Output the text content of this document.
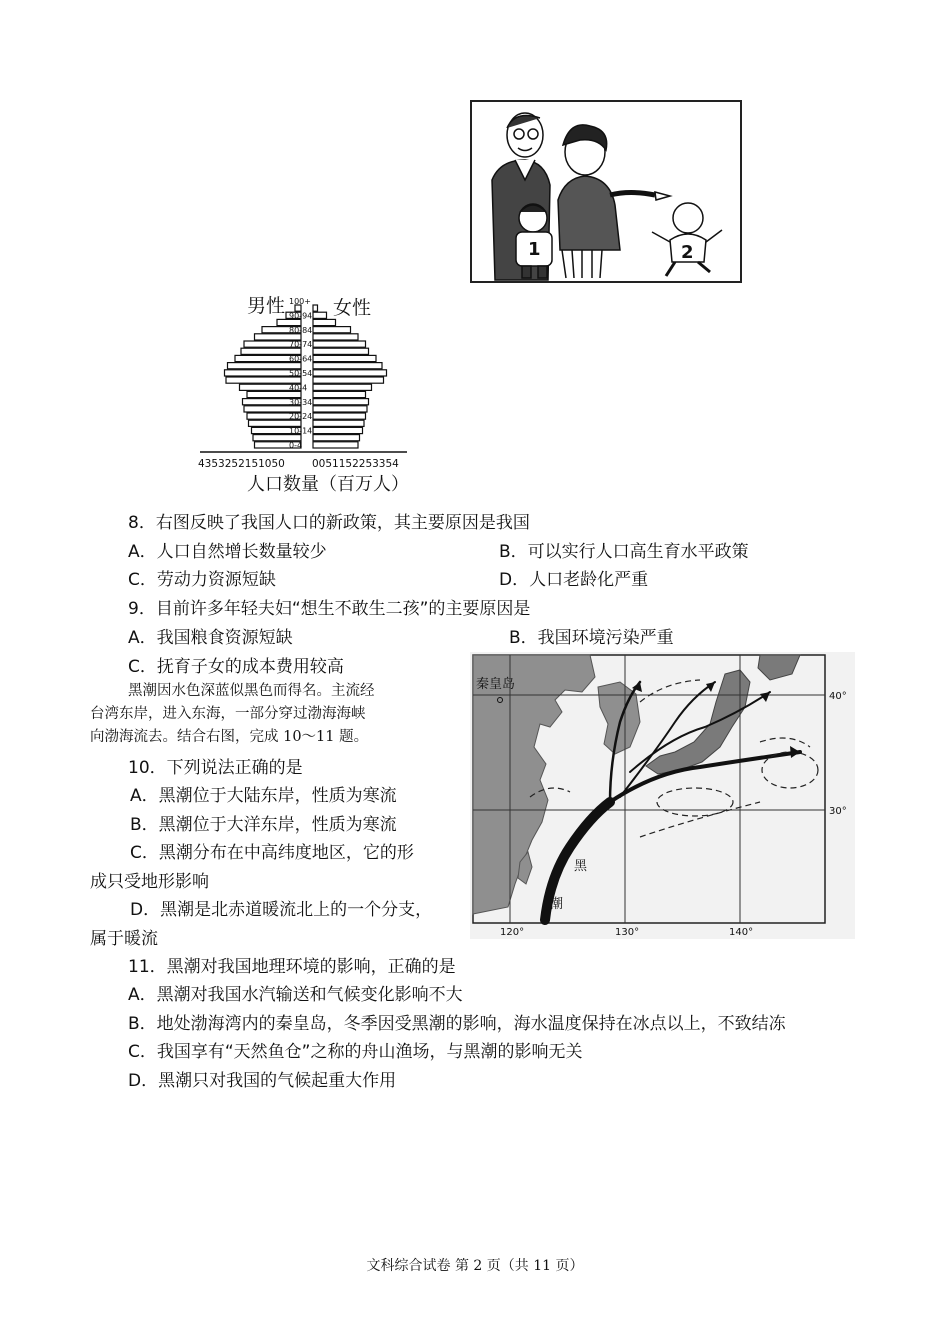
1	2
男性	女性
0-4
10-14
20-24
30-34
40-4
50-54
60-64
70-74
80-84
90-94
100+
4353252151050	0051152253354
人口数量（百万人）
8．右图反映了我国人口的新政策，其主要原因是我国
A．人口自然增长数量较少	B．可以实行人口高生育水平政策
C．劳动力资源短缺	D．人口老龄化严重
9．目前许多年轻夫妇“想生不敢生二孩”的主要原因是
A．我国粮食资源短缺	B．我国环境污染严重
C．抚育子女的成本费用较高
黑潮因水色深蓝似黑色而得名。主流经
台湾东岸，进入东海，一部分穿过渤海海峡
向渤海流去。结合右图，完成 10～11 题。
10．下列说法正确的是
A．黑潮位于大陆东岸，性质为寒流
B．黑潮位于大洋东岸，性质为寒流
C．黑潮分布在中高纬度地区，它的形
成只受地形影响
D．黑潮是北赤道暖流北上的一个分支，
属于暖流
秦皇岛
黑
潮
40°
30°
120°	130°	140°
11．黑潮对我国地理环境的影响，正确的是
A．黑潮对我国水汽输送和气候变化影响不大
B．地处渤海湾内的秦皇岛，冬季因受黑潮的影响，海水温度保持在冰点以上，不致结冻
C．我国享有“天然鱼仓”之称的舟山渔场，与黑潮的影响无关
D．黑潮只对我国的气候起重大作用
文科综合试卷 第 2 页（共 11 页）
